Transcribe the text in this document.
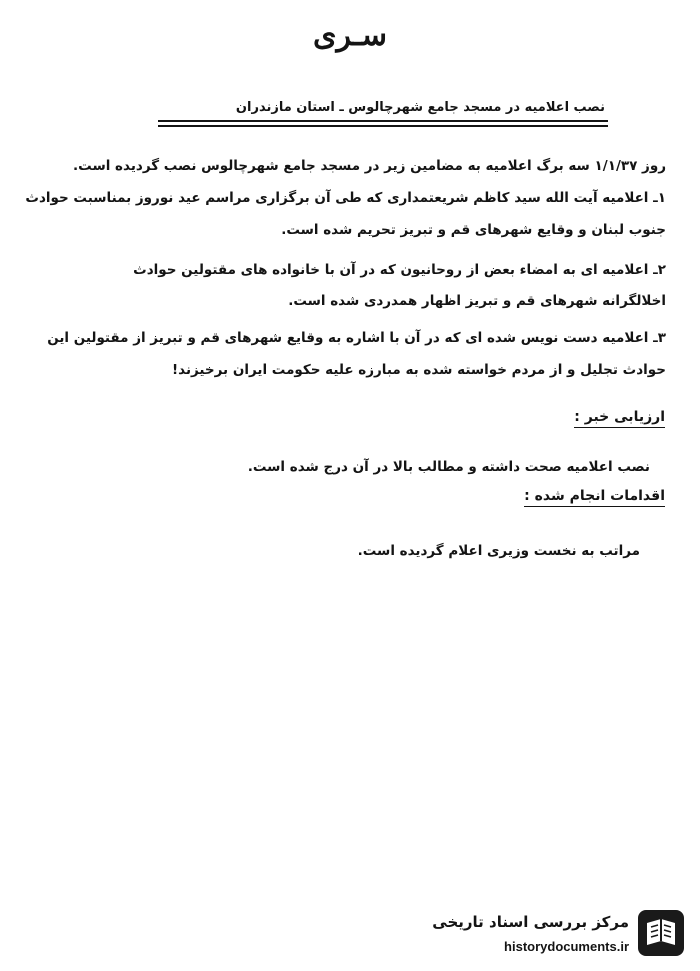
سـری
نصب اعلامیه در مسجد جامع شهرچالوس ـ استان مازندران
روز ۱/۱/۳۷ سه برگ اعلامیه به مضامین زیر در مسجد جامع شهرچالوس نصب گردیده است.
۱ـ اعلامیه آیت الله سید کاظم شریعتمداری که طی آن برگزاری مراسم عید نوروز بمناسبت حوادث
جنوب لبنان و وقایع شهرهای قم و تبریز تحریم شده است.
۲ـ اعلامیه ای به امضاء بعض از روحانیون که در آن با خانواده های مقتولین حوادث
اخلالگرانه شهرهای قم و تبریز اظهار همدردی شده است.
۳ـ اعلامیه دست نویس شده ای که در آن با اشاره به وقایع شهرهای قم و تبریز از مقتولین این
حوادث تجلیل و از مردم خواسته شده به مبارزه علیه حکومت ایران برخیزند!
ارزیابی خبر :
نصب اعلامیه صحت داشته و مطالب بالا در آن درج شده است.
اقدامات انجام شده :
مراتب به نخست وزیری اعلام گردیده است.
مرکز بررسی اسناد تاریخی
historydocuments.ir
